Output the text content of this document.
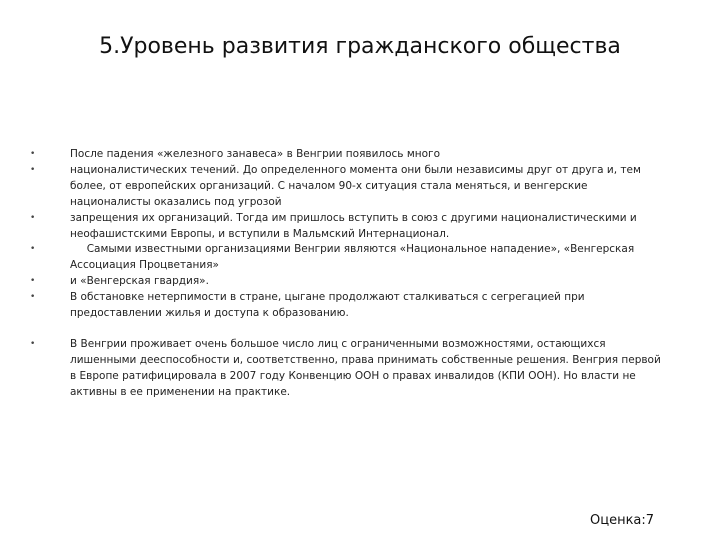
5.Уровень развития гражданского общества
•	После падения «железного занавеса» в Венгрии появилось много
•	националистических течений. До определенного момента они были независимы друг от друга и, тем более, от европейских организаций. С началом 90-х ситуация стала меняться, и венгерские националисты оказались под угрозой
•	запрещения их организаций. Тогда им пришлось вступить в союз с другими националистическими и неофашистскими Европы, и вступили в Мальмский Интернационал.
•	Самыми известными организациями Венгрии являются «Национальное нападение», «Венгерская Ассоциация Процветания»
•	и «Венгерская гвардия».
•	В обстановке нетерпимости в стране, цыгане продолжают сталкиваться с сегрегацией при предоставлении жилья и доступа к образованию.
•	В Венгрии проживает очень большое число лиц с ограниченными возможностями, остающихся лишенными дееспособности и, соответственно, права принимать собственные решения. Венгрия первой в Европе ратифицировала в 2007 году Конвенцию ООН о правах инвалидов (КПИ ООН). Но власти не активны в ее применении на практике.
Оценка:7
